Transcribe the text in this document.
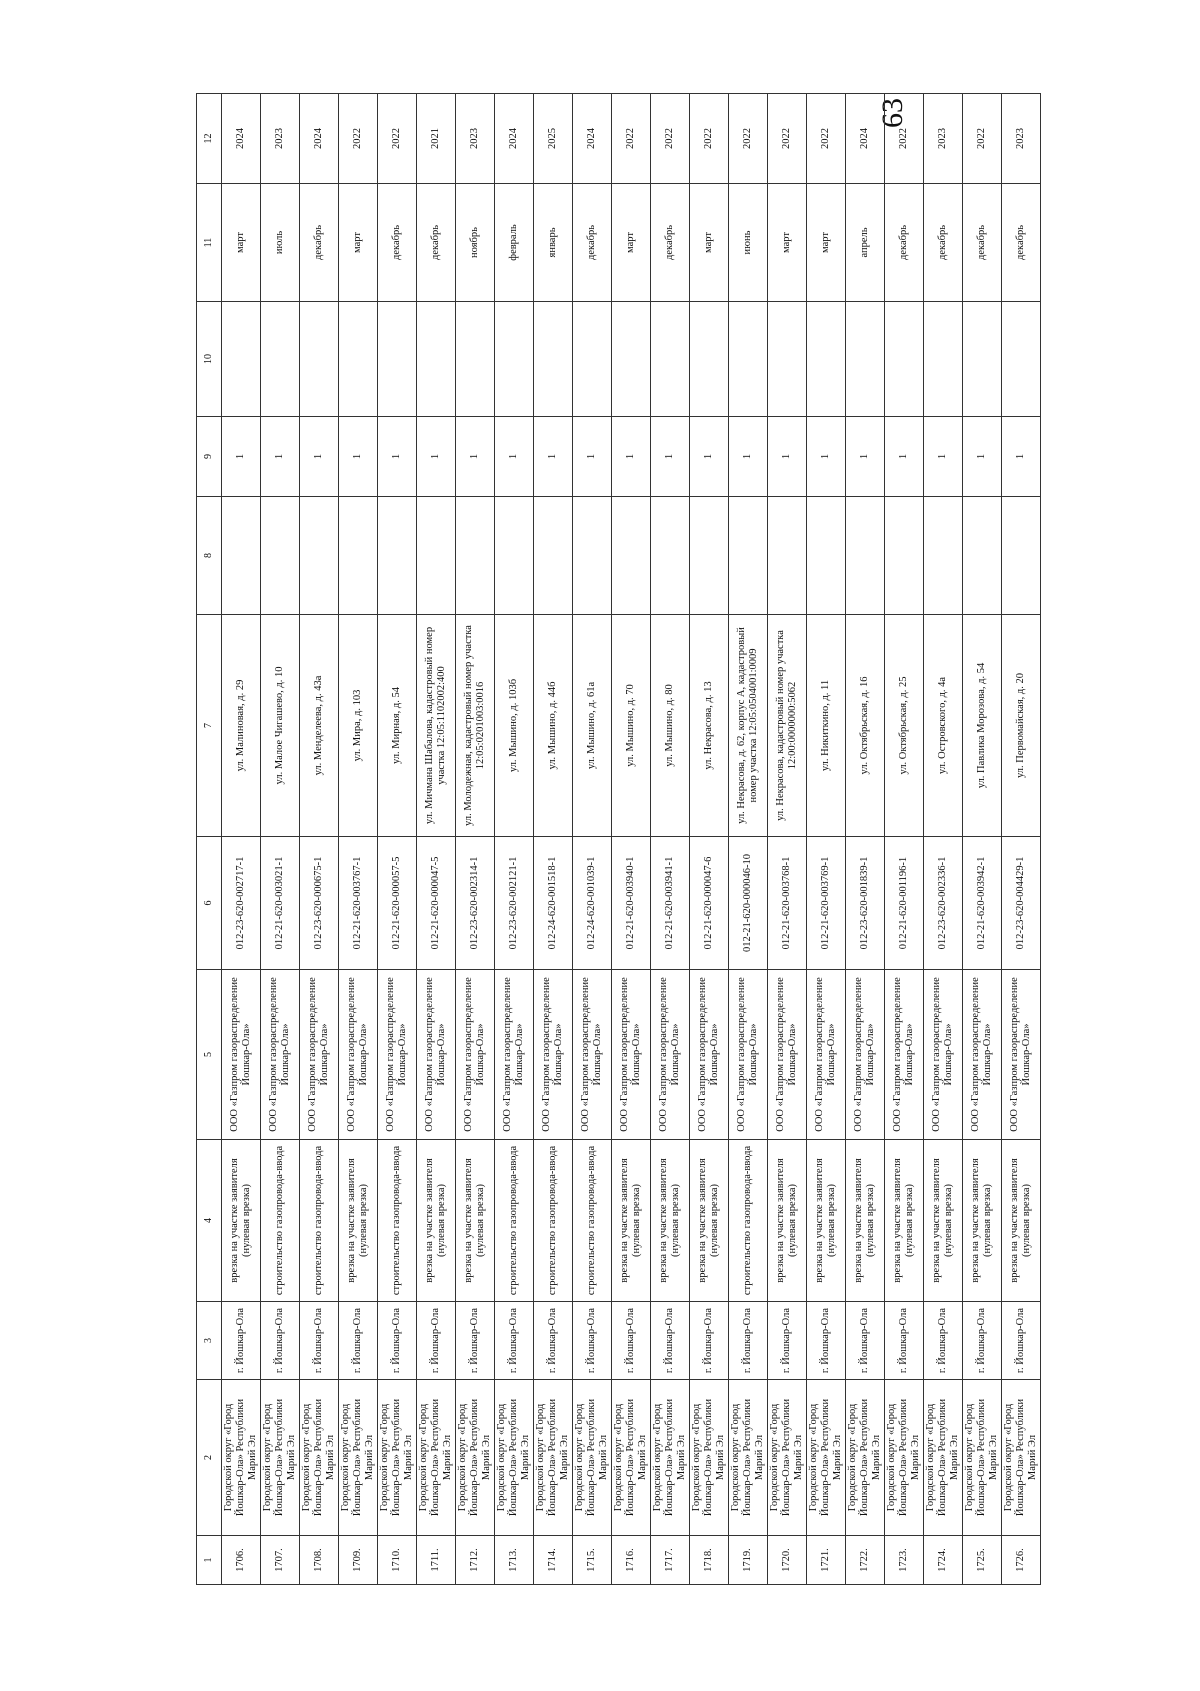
63
1	2	3	4	5	6	7	8	9	10	11	12
1706.	Городской округ «Город Йошкар-Ола» Республики Марий Эл	г. Йошкар-Ола	врезка на участке заявителя (нулевая врезка)	ООО «Газпром газораспределение Йошкар-Ола»	012-23-620-002717-1	ул. Малиновая, д. 29		1		март	2024
1707.	Городской округ «Город Йошкар-Ола» Республики Марий Эл	г. Йошкар-Ола	строительство газопровода-ввода	ООО «Газпром газораспределение Йошкар-Ола»	012-21-620-003021-1	ул. Малое Чигашево, д. 10		1		июль	2023
1708.	Городской округ «Город Йошкар-Ола» Республики Марий Эл	г. Йошкар-Ола	строительство газопровода-ввода	ООО «Газпром газораспределение Йошкар-Ола»	012-23-620-000675-1	ул. Менделеева, д. 43а		1		декабрь	2024
1709.	Городской округ «Город Йошкар-Ола» Республики Марий Эл	г. Йошкар-Ола	врезка на участке заявителя (нулевая врезка)	ООО «Газпром газораспределение Йошкар-Ола»	012-21-620-003767-1	ул. Мира, д. 103		1		март	2022
1710.	Городской округ «Город Йошкар-Ола» Республики Марий Эл	г. Йошкар-Ола	строительство газопровода-ввода	ООО «Газпром газораспределение Йошкар-Ола»	012-21-620-000057-5	ул. Мирная, д. 54		1		декабрь	2022
1711.	Городской округ «Город Йошкар-Ола» Республики Марий Эл	г. Йошкар-Ола	врезка на участке заявителя (нулевая врезка)	ООО «Газпром газораспределение Йошкар-Ола»	012-21-620-000047-5	ул. Мичмана Шабалова, кадастровый номер участка 12:05:1102002:400		1		декабрь	2021
1712.	Городской округ «Город Йошкар-Ола» Республики Марий Эл	г. Йошкар-Ола	врезка на участке заявителя (нулевая врезка)	ООО «Газпром газораспределение Йошкар-Ола»	012-23-620-002314-1	ул. Молодежная, кадастровый номер участка 12:05:0201003:0016		1		ноябрь	2023
1713.	Городской округ «Город Йошкар-Ола» Республики Марий Эл	г. Йошкар-Ола	строительство газопровода-ввода	ООО «Газпром газораспределение Йошкар-Ола»	012-23-620-002121-1	ул. Мышино, д. 103б		1		февраль	2024
1714.	Городской округ «Город Йошкар-Ола» Республики Марий Эл	г. Йошкар-Ола	строительство газопровода-ввода	ООО «Газпром газораспределение Йошкар-Ола»	012-24-620-001518-1	ул. Мышино, д. 44б		1		январь	2025
1715.	Городской округ «Город Йошкар-Ола» Республики Марий Эл	г. Йошкар-Ола	строительство газопровода-ввода	ООО «Газпром газораспределение Йошкар-Ола»	012-24-620-001039-1	ул. Мышино, д. 61а		1		декабрь	2024
1716.	Городской округ «Город Йошкар-Ола» Республики Марий Эл	г. Йошкар-Ола	врезка на участке заявителя (нулевая врезка)	ООО «Газпром газораспределение Йошкар-Ола»	012-21-620-003940-1	ул. Мышино, д. 70		1		март	2022
1717.	Городской округ «Город Йошкар-Ола» Республики Марий Эл	г. Йошкар-Ола	врезка на участке заявителя (нулевая врезка)	ООО «Газпром газораспределение Йошкар-Ола»	012-21-620-003941-1	ул. Мышино, д. 80		1		декабрь	2022
1718.	Городской округ «Город Йошкар-Ола» Республики Марий Эл	г. Йошкар-Ола	врезка на участке заявителя (нулевая врезка)	ООО «Газпром газораспределение Йошкар-Ола»	012-21-620-000047-6	ул. Некрасова, д. 13		1		март	2022
1719.	Городской округ «Город Йошкар-Ола» Республики Марий Эл	г. Йошкар-Ола	строительство газопровода-ввода	ООО «Газпром газораспределение Йошкар-Ола»	012-21-620-000046-10	ул. Некрасова, д. 62, корпус А, кадастровый номер участка 12:05:0504001:0009		1		июнь	2022
1720.	Городской округ «Город Йошкар-Ола» Республики Марий Эл	г. Йошкар-Ола	врезка на участке заявителя (нулевая врезка)	ООО «Газпром газораспределение Йошкар-Ола»	012-21-620-003768-1	ул. Некрасова, кадастровый номер участка 12:00:0000000:5062		1		март	2022
1721.	Городской округ «Город Йошкар-Ола» Республики Марий Эл	г. Йошкар-Ола	врезка на участке заявителя (нулевая врезка)	ООО «Газпром газораспределение Йошкар-Ола»	012-21-620-003769-1	ул. Никиткино, д. 11		1		март	2022
1722.	Городской округ «Город Йошкар-Ола» Республики Марий Эл	г. Йошкар-Ола	врезка на участке заявителя (нулевая врезка)	ООО «Газпром газораспределение Йошкар-Ола»	012-23-620-001839-1	ул. Октябрьская, д. 16		1		апрель	2024
1723.	Городской округ «Город Йошкар-Ола» Республики Марий Эл	г. Йошкар-Ола	врезка на участке заявителя (нулевая врезка)	ООО «Газпром газораспределение Йошкар-Ола»	012-21-620-001196-1	ул. Октябрьская, д. 25		1		декабрь	2022
1724.	Городской округ «Город Йошкар-Ола» Республики Марий Эл	г. Йошкар-Ола	врезка на участке заявителя (нулевая врезка)	ООО «Газпром газораспределение Йошкар-Ола»	012-23-620-002336-1	ул. Островского, д. 4а		1		декабрь	2023
1725.	Городской округ «Город Йошкар-Ола» Республики Марий Эл	г. Йошкар-Ола	врезка на участке заявителя (нулевая врезка)	ООО «Газпром газораспределение Йошкар-Ола»	012-21-620-003942-1	ул. Павлика Морозова, д. 54		1		декабрь	2022
1726.	Городской округ «Город Йошкар-Ола» Республики Марий Эл	г. Йошкар-Ола	врезка на участке заявителя (нулевая врезка)	ООО «Газпром газораспределение Йошкар-Ола»	012-23-620-004429-1	ул. Первомайская, д. 20		1		декабрь	2023
